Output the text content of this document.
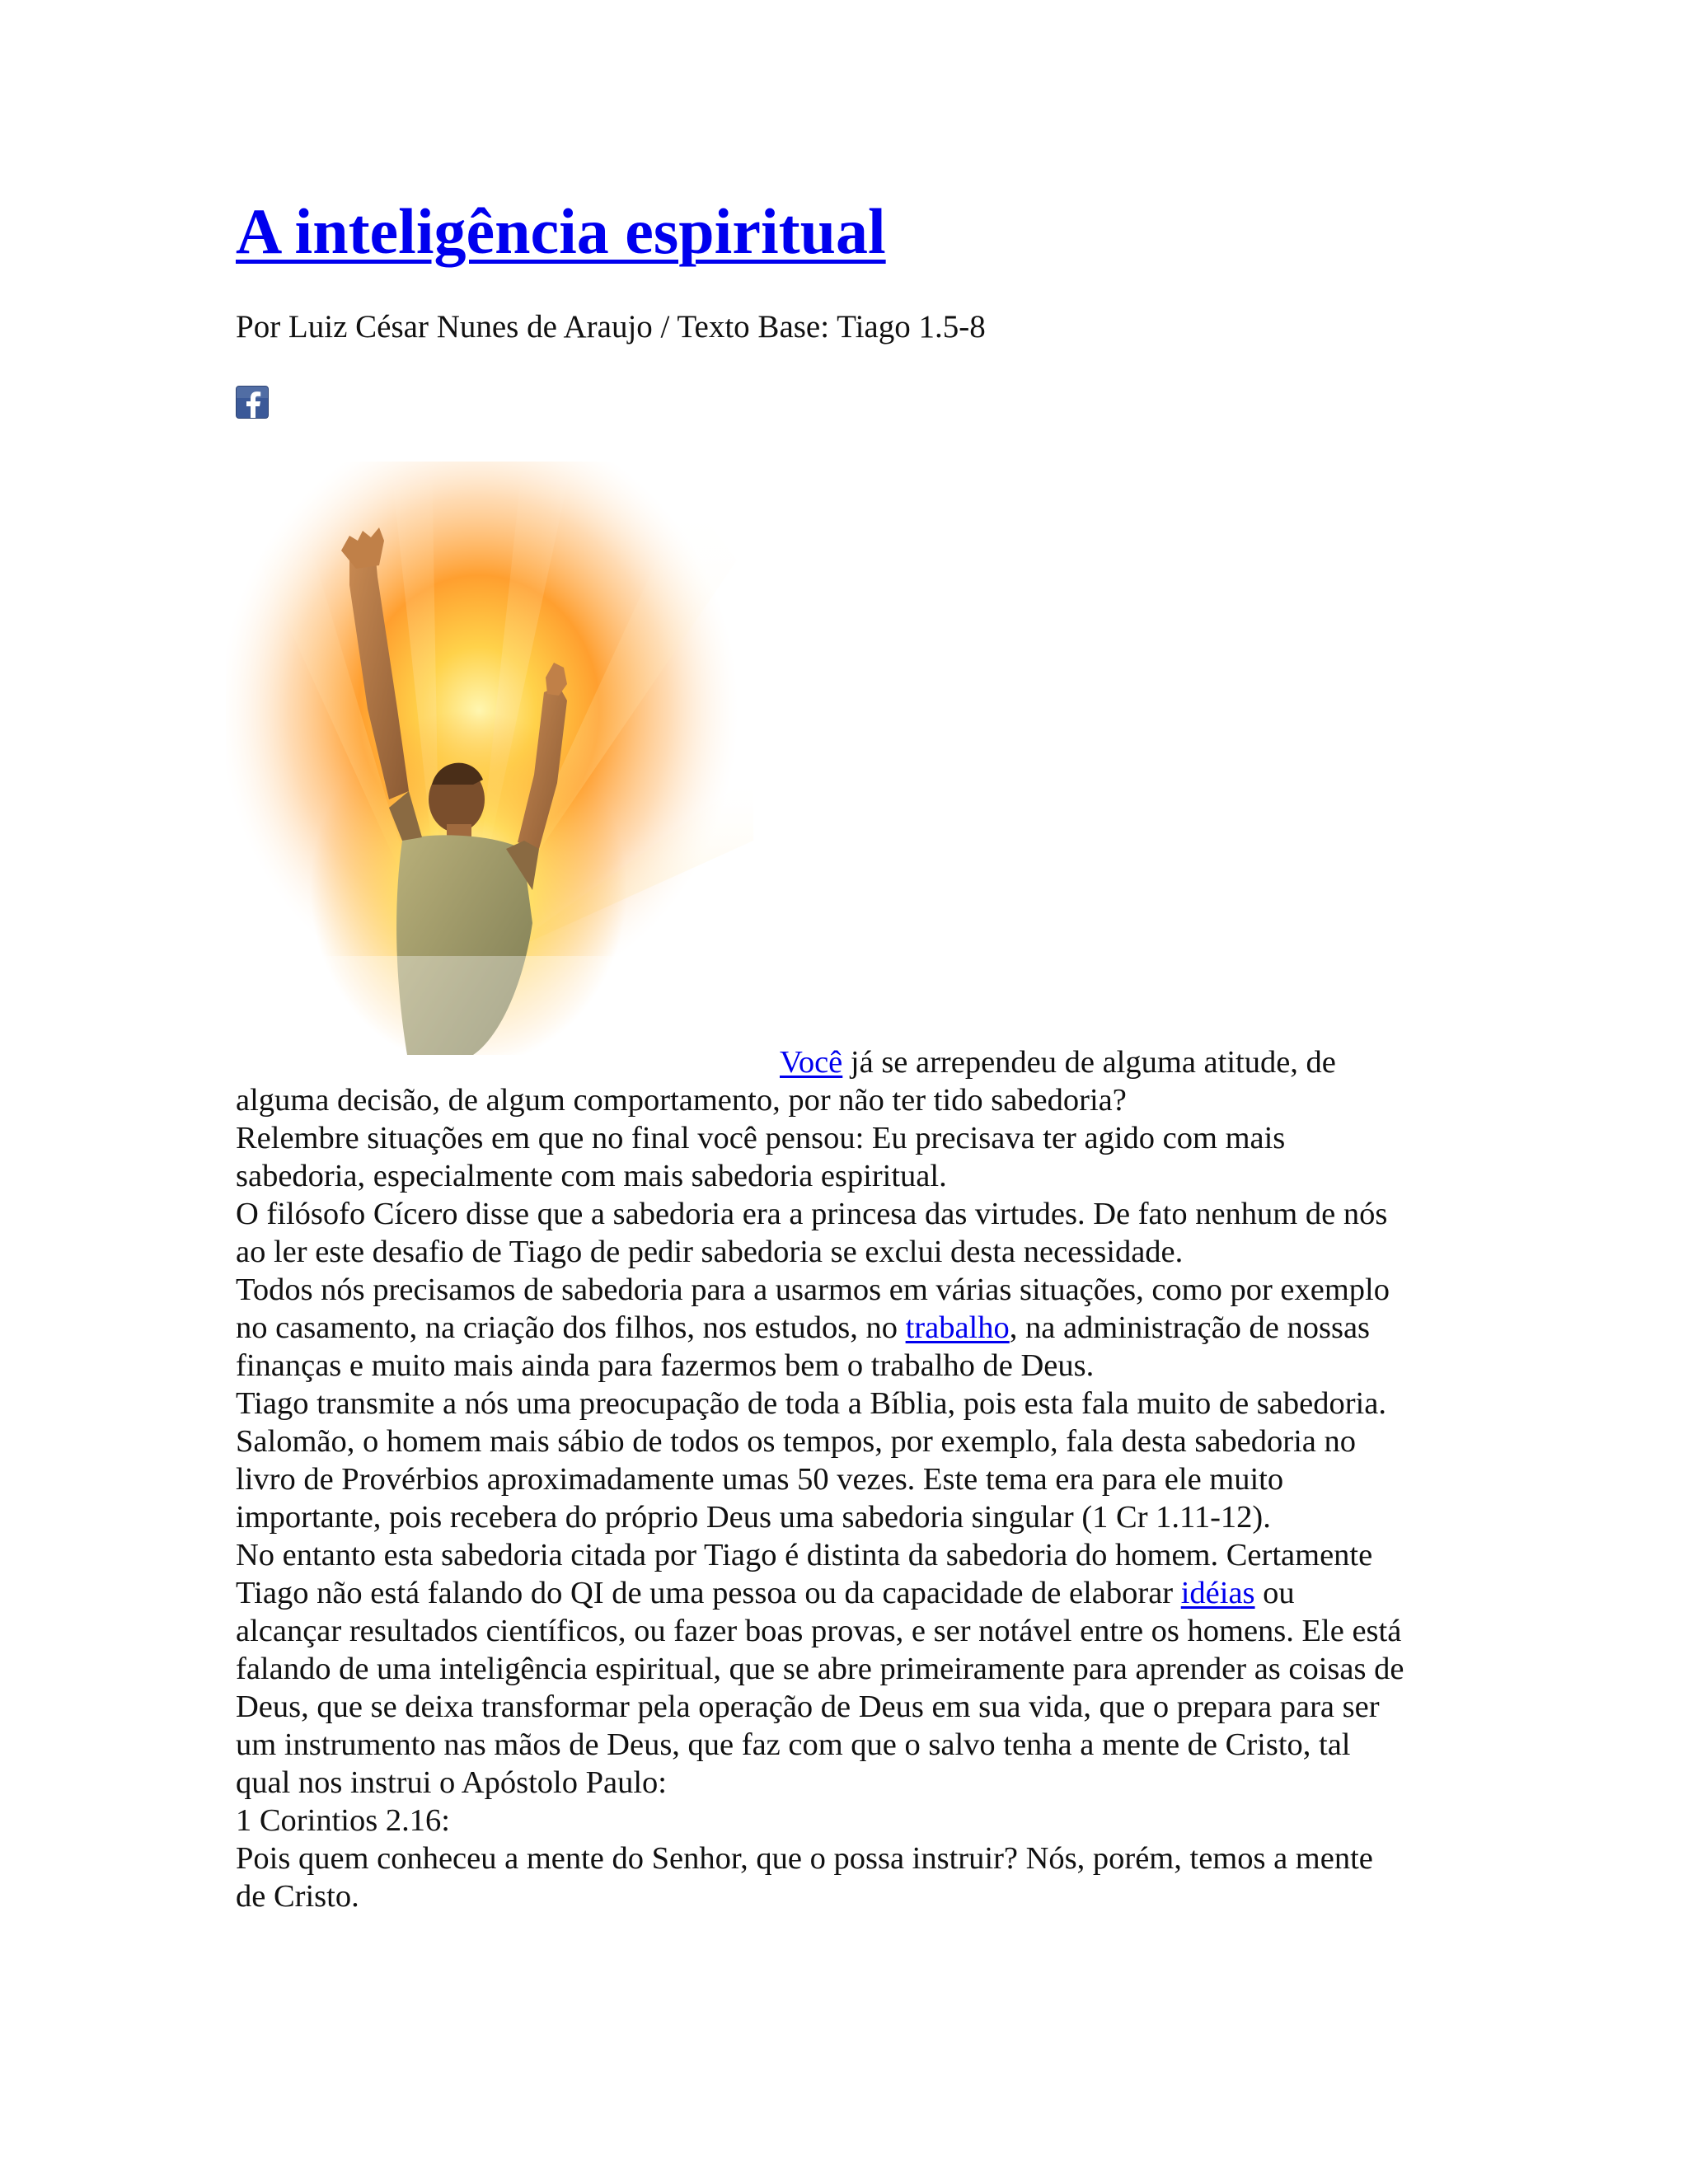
A inteligência espiritual

Por Luiz César Nunes de Araujo / Texto Base: Tiago 1.5-8

Você já se arrependeu de alguma atitude, de
alguma decisão, de algum comportamento, por não ter tido sabedoria?
Relembre situações em que no final você pensou: Eu precisava ter agido com mais
sabedoria, especialmente com mais sabedoria espiritual.
O filósofo Cícero disse que a sabedoria era a princesa das virtudes. De fato nenhum de nós
ao ler este desafio de Tiago de pedir sabedoria se exclui desta necessidade.
Todos nós precisamos de sabedoria para a usarmos em várias situações, como por exemplo
no casamento, na criação dos filhos, nos estudos, no trabalho, na administração de nossas
finanças e muito mais ainda para fazermos bem o trabalho de Deus.
Tiago transmite a nós uma preocupação de toda a Bíblia, pois esta fala muito de sabedoria.
Salomão, o homem mais sábio de todos os tempos, por exemplo, fala desta sabedoria no
livro de Provérbios aproximadamente umas 50 vezes. Este tema era para ele muito
importante, pois recebera do próprio Deus uma sabedoria singular (1 Cr 1.11-12).
No entanto esta sabedoria citada por Tiago é distinta da sabedoria do homem. Certamente
Tiago não está falando do QI de uma pessoa ou da capacidade de elaborar idéias ou
alcançar resultados científicos, ou fazer boas provas, e ser notável entre os homens. Ele está
falando de uma inteligência espiritual, que se abre primeiramente para aprender as coisas de
Deus, que se deixa transformar pela operação de Deus em sua vida, que o prepara para ser
um instrumento nas mãos de Deus, que faz com que o salvo tenha a mente de Cristo, tal
qual nos instrui o Apóstolo Paulo:
1 Corintios 2.16:
Pois quem conheceu a mente do Senhor, que o possa instruir? Nós, porém, temos a mente
de Cristo.
